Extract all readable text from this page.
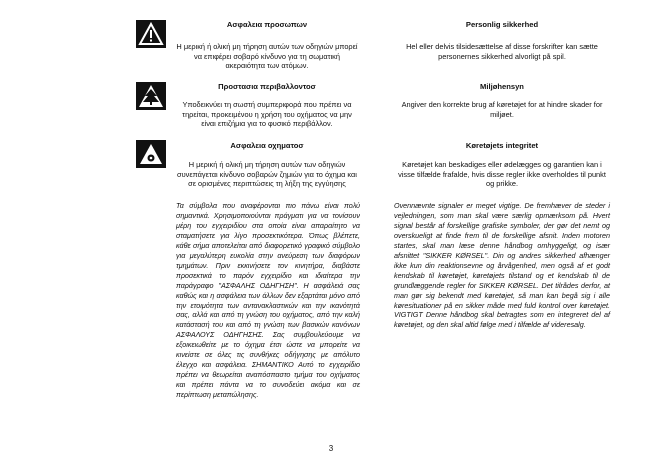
Ασφαλεια προσωπων
Η μερική ή ολική μη τήρηση αυτών των οδηγιών μπορεί να επιφέρει σοβαρό κίνδυνο για τη σωματική ακεραιότητα των ατόμων.
Personlig sikkerhed
Hel eller delvis tilsidesættelse af disse forskrifter kan sætte personernes sikkerhed alvorligt på spil.
Προστασια περιβαλλοντοσ
Υποδεικνύει τη σωστή συμπεριφορά που πρέπει να τηρείται, προκειμένου η χρήση του οχήματος να μην είναι επιζήμια για το φυσικό περιβάλλον.
Miljøhensyn
Angiver den korrekte brug af køretøjet for at hindre skader for miljøet.
Ασφαλεια οχηματοσ
Η μερική ή ολική μη τήρηση αυτών των οδηγιών συνεπάγεται κίνδυνο σοβαρών ζημιών για το όχημα και σε ορισμένες περιπτώσεις τη λήξη της εγγύησης
Køretøjets integritet
Køretøjet kan beskadiges eller ødelægges og garantien kan i visse tilfælde frafalde, hvis disse regler ikke overholdes til punkt og prikke.

Τα σύμβολα που αναφέρονται πιο πάνω είναι πολύ σημαντικά. Χρησιμοποιούνται πράγματι για να τονίσουν μέρη του εγχειριδίου στα οποία είναι απαραίτητο να σταματήσετε για λίγο προσεκτικότερα. Όπως βλέπετε, κάθε σήμα αποτελείται από διαφορετικό γραφικό σύμβολο για μεγαλύτερη ευκολία στην ανεύρεση των διαφόρων τμημάτων. Πριν εκκινήσετε τον κινητήρα, διαβάστε προσεκτικά το παρόν εγχειρίδιο και ιδιαίτερα την παράγραφο "ΑΣΦΑΛΗΣ ΟΔΗΓΗΣΗ". Η ασφάλειά σας καθώς και η ασφάλεια των άλλων δεν εξαρτάται μόνο από την ετοιμότητα των αντανακλαστικών και την ικανότητά σας, αλλά και από τη γνώση του οχήματος, από την καλή κατάστασή του και από τη γνώση των βασικών κανόνων ΑΣΦΑΛΟΥΣ ΟΔΗΓΗΣΗΣ. Σας συμβουλεύουμε να εξοικειωθείτε με το όχημα έτσι ώστε να μπορείτε να κινείστε σε όλες τις συνθήκες οδήγησης με απόλυτο έλεγχο και ασφάλεια. ΣΗΜΑΝΤΙΚΟ Αυτό το εγχειρίδιο πρέπει να θεωρείται αναπόσπαστο τμήμα του οχήματος και πρέπει πάντα να το συνοδεύει ακόμα και σε περίπτωση μεταπώλησης.

Ovennævnte signaler er meget vigtige. De fremhæver de steder i vejledningen, som man skal være særlig opmærksom på. Hvert signal består af forskellige grafiske symboler, der gør det nemt og overskueligt at finde frem til de forskellige afsnit. Inden motoren startes, skal man læse denne håndbog omhyggeligt, og især afsnittet "SIKKER KØRSEL". Din og andres sikkerhed afhænger ikke kun din reaktionsevne og årvågenhed, men også af et godt kendskab til køretøjet, køretøjets tilstand og et kendskab til de grundlæggende regler for SIKKER KØRSEL. Det tilrådes derfor, at man gør sig bekendt med køretøjet, så man kan begå sig i alle køresituationer på en sikker måde med fuld kontrol over køretøjet. VIGTIGT Denne håndbog skal betragtes som en integreret del af køretøjet, og den skal altid følge med i tilfælde af videresalg.

3
